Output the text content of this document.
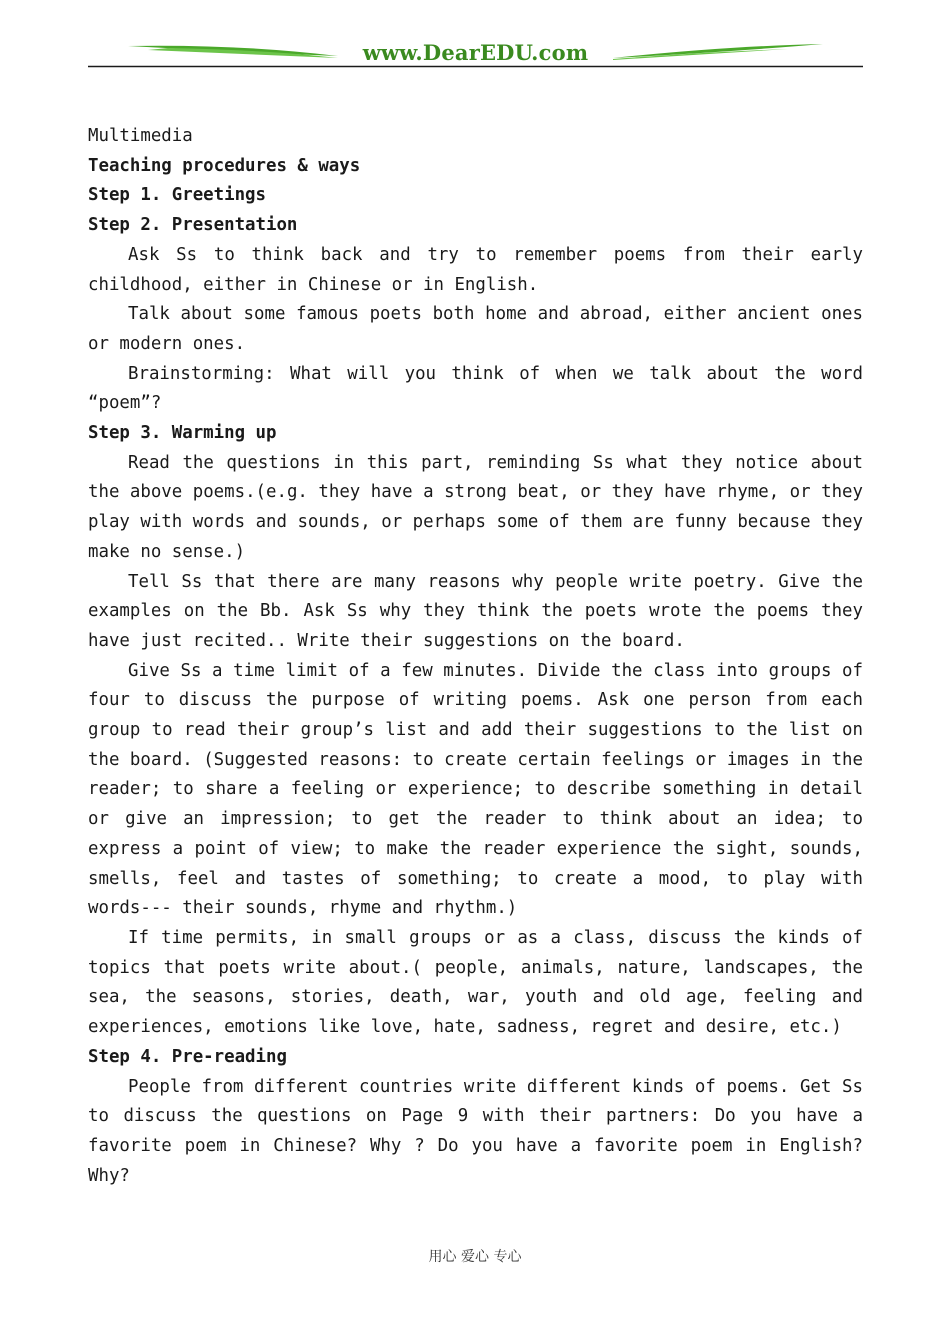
www.DearEDU.com

Multimedia

Teaching procedures & ways

Step 1. Greetings

Step 2. Presentation

Ask Ss to think back and try to remember poems from their early childhood, either in Chinese or in English.

Talk about some famous poets both home and abroad, either ancient ones or modern ones.

Brainstorming: What will you think of when we talk about the word “poem”?

Step 3. Warming up

Read the questions in this part, reminding Ss what they notice about the above poems.(e.g. they have a strong beat, or they have rhyme, or they play with words and sounds, or perhaps some of them are funny because they make no sense.)

Tell Ss that there are many reasons why people write poetry. Give the examples on the Bb. Ask Ss why they think the poets wrote the poems they have just recited.. Write their suggestions on the board.

Give Ss a time limit of a few minutes. Divide the class into groups of four to discuss the purpose of writing poems. Ask one person from each group to read their group’s list and add their suggestions to the list on the board. (Suggested reasons: to create certain feelings or images in the reader; to share a feeling or experience; to describe something in detail or give an impression; to get the reader to think about an idea; to express a point of view; to make the reader experience the sight, sounds, smells, feel and tastes of something; to create a mood, to play with words--- their sounds, rhyme and rhythm.)

If time permits, in small groups or as a class, discuss the kinds of topics that poets write about.( people, animals, nature, landscapes, the sea, the seasons, stories, death, war, youth and old age, feeling and experiences, emotions like love, hate, sadness, regret and desire, etc.)

Step 4. Pre-reading

People from different countries write different kinds of poems. Get Ss to discuss the questions on Page 9 with their partners: Do you have a favorite poem in Chinese? Why ? Do you have a favorite poem in English? Why?

用心 爱心 专心
